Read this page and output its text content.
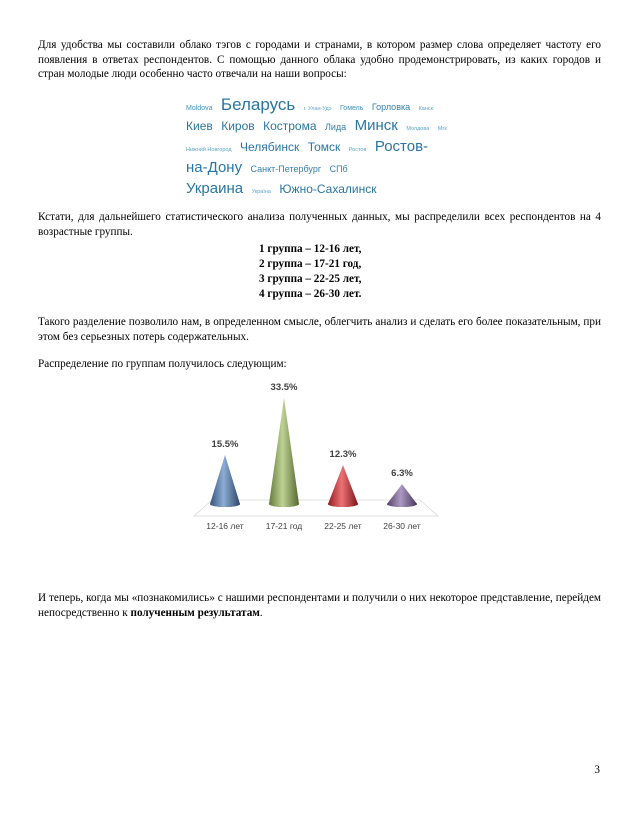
Для удобства мы составили облако тэгов с городами и странами, в котором размер слова определяет частоту его появления в ответах респондентов. С помощью данного облака удобно продемонстрировать, из каких городов и стран молодые люди особенно часто отвечали на наши вопросы:

Moldova Беларусь г. Улан-Удэ Гомель Горловка Канск
Киев Киров Кострома Лида Минск Молдова Мгк
Нижний Новгород Челябинск Томск Ростов Ростов-
на-Дону Санкт-Петербург СПб
Украина Україна Южно-Сахалинск

Кстати, для дальнейшего статистического анализа полученных данных, мы распределили всех респондентов на 4 возрастные группы.

1 группа – 12-16 лет,
2 группа – 17-21 год,
3 группа – 22-25 лет,
4 группа – 26-30 лет.

Такого разделение позволило нам, в определенном смысле, облегчить анализ и сделать его более показательным, при этом без серьезных потерь содержательных.

Распределение по группам получилось следующим:

15.5%
12-16 лет
33.5%
17-21 год
12.3%
22-25 лет
6.3%
26-30 лет

И теперь, когда мы «познакомились» с нашими респондентами и получили о них некоторое представление, перейдем непосредственно к полученным результатам.

3
